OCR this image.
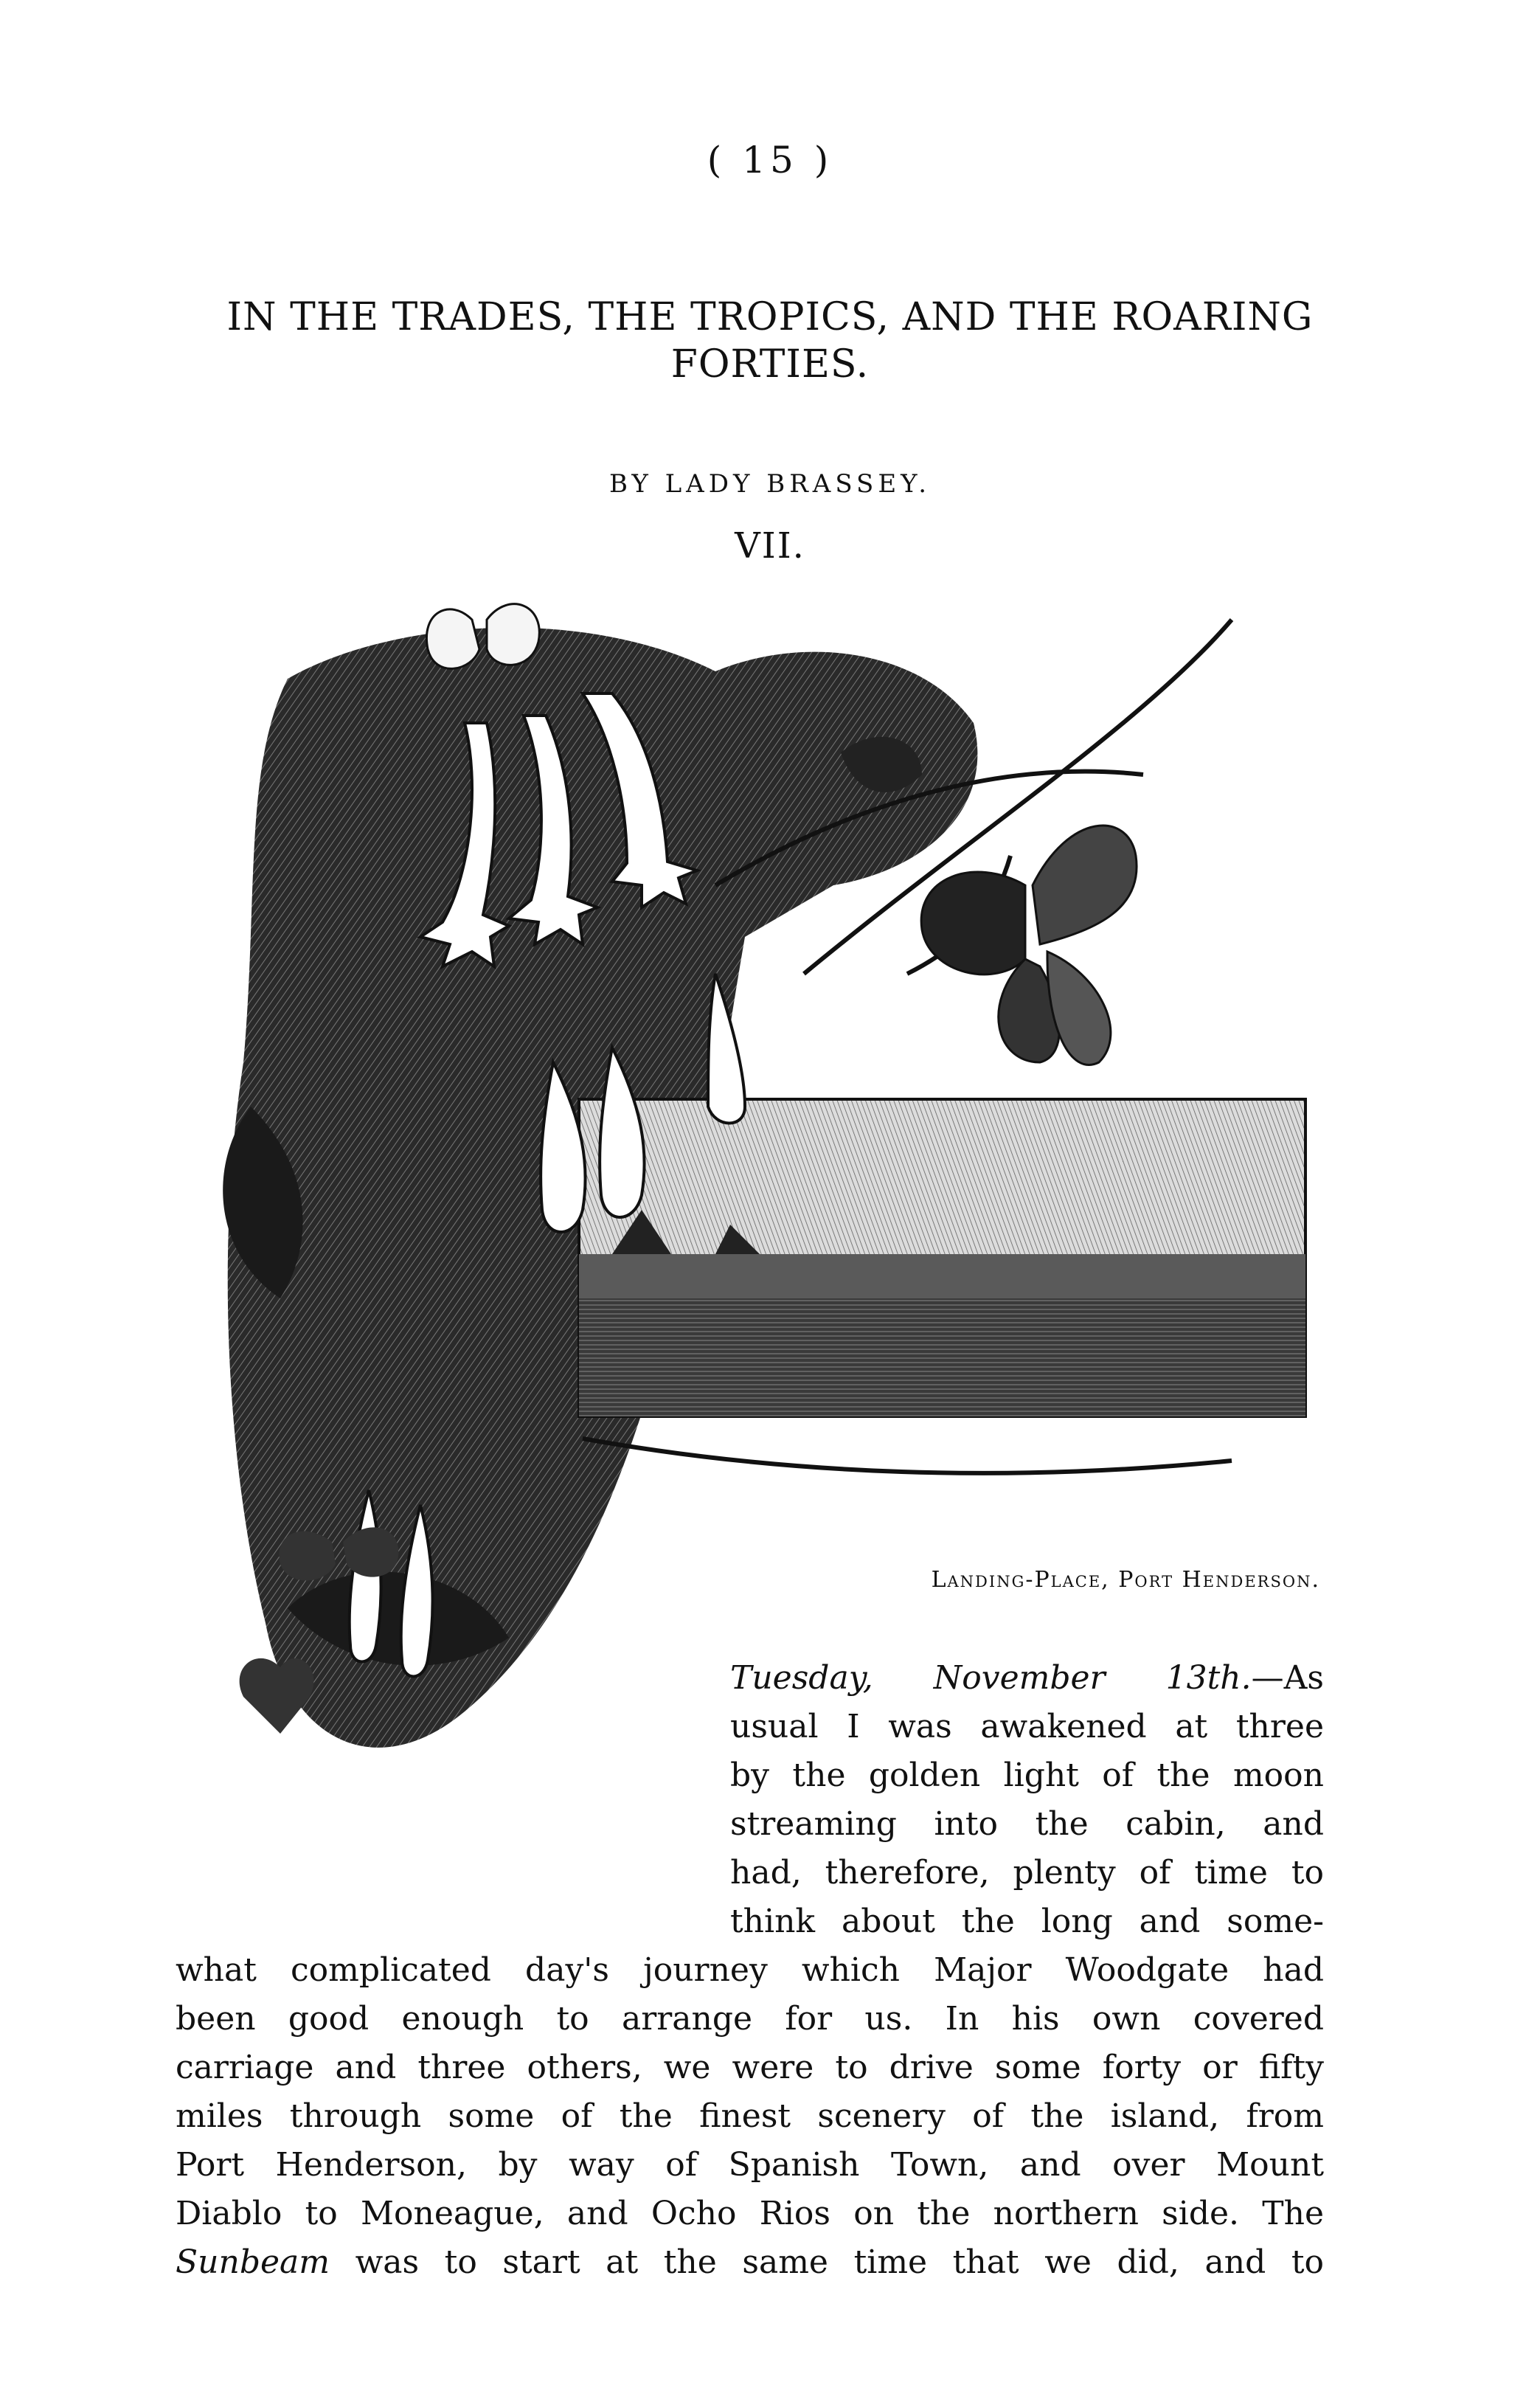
( 15 )
IN THE TRADES, THE TROPICS, AND THE ROARING
FORTIES.
BY LADY BRASSEY.
VII.
Landing-Place, Port Henderson.
Tuesday, November 13th.—As
usual I was awakened at three
by the golden light of the moon
streaming into the cabin, and
had, therefore, plenty of time to
think about the long and some-
what complicated day's journey which Major Woodgate had
been good enough to arrange for us. In his own covered
carriage and three others, we were to drive some forty or fifty
miles through some of the finest scenery of the island, from
Port Henderson, by way of Spanish Town, and over Mount
Diablo to Moneague, and Ocho Rios on the northern side. The
Sunbeam was to start at the same time that we did, and to
